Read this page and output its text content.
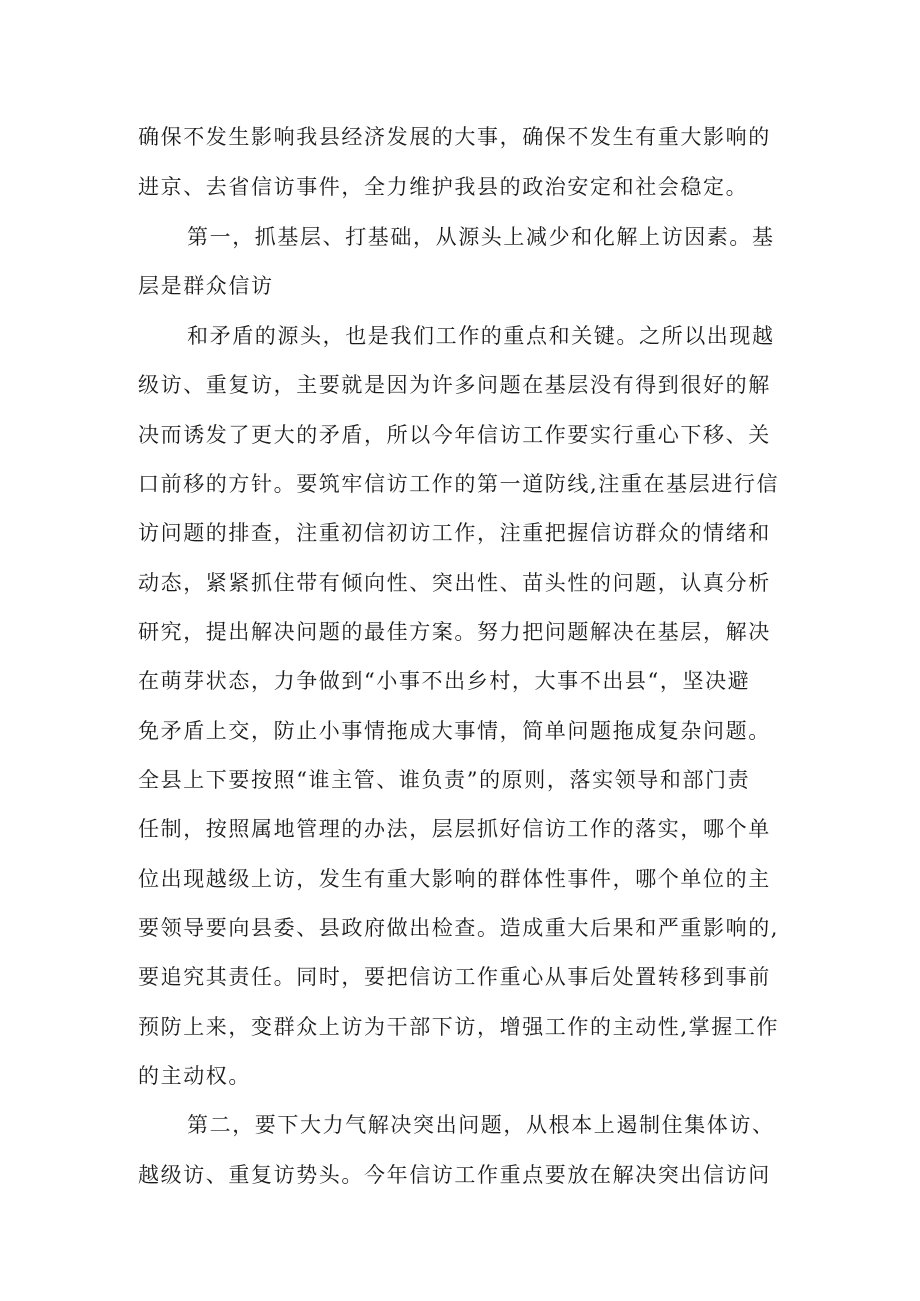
确保不发生影响我县经济发展的大事，确保不发生有重大影响的
进京、去省信访事件，全力维护我县的政治安定和社会稳定。
第一，抓基层、打基础，从源头上减少和化解上访因素。基
层是群众信访
和矛盾的源头，也是我们工作的重点和关键。之所以出现越
级访、重复访，主要就是因为许多问题在基层没有得到很好的解
决而诱发了更大的矛盾，所以今年信访工作要实行重心下移、关
口前移的方针。要筑牢信访工作的第一道防线,注重在基层进行信
访问题的排查，注重初信初访工作，注重把握信访群众的情绪和
动态，紧紧抓住带有倾向性、突出性、苗头性的问题，认真分析
研究，提出解决问题的最佳方案。努力把问题解决在基层，解决
在萌芽状态，力争做到“小事不出乡村，大事不出县“，坚决避
免矛盾上交，防止小事情拖成大事情，简单问题拖成复杂问题。
全县上下要按照“谁主管、谁负责”的原则，落实领导和部门责
任制，按照属地管理的办法，层层抓好信访工作的落实，哪个单
位出现越级上访，发生有重大影响的群体性事件，哪个单位的主
要领导要向县委、县政府做出检查。造成重大后果和严重影响的,
要追究其责任。同时，要把信访工作重心从事后处置转移到事前
预防上来，变群众上访为干部下访，增强工作的主动性,掌握工作
的主动权。
第二，要下大力气解决突出问题，从根本上遏制住集体访、
越级访、重复访势头。今年信访工作重点要放在解决突出信访问
